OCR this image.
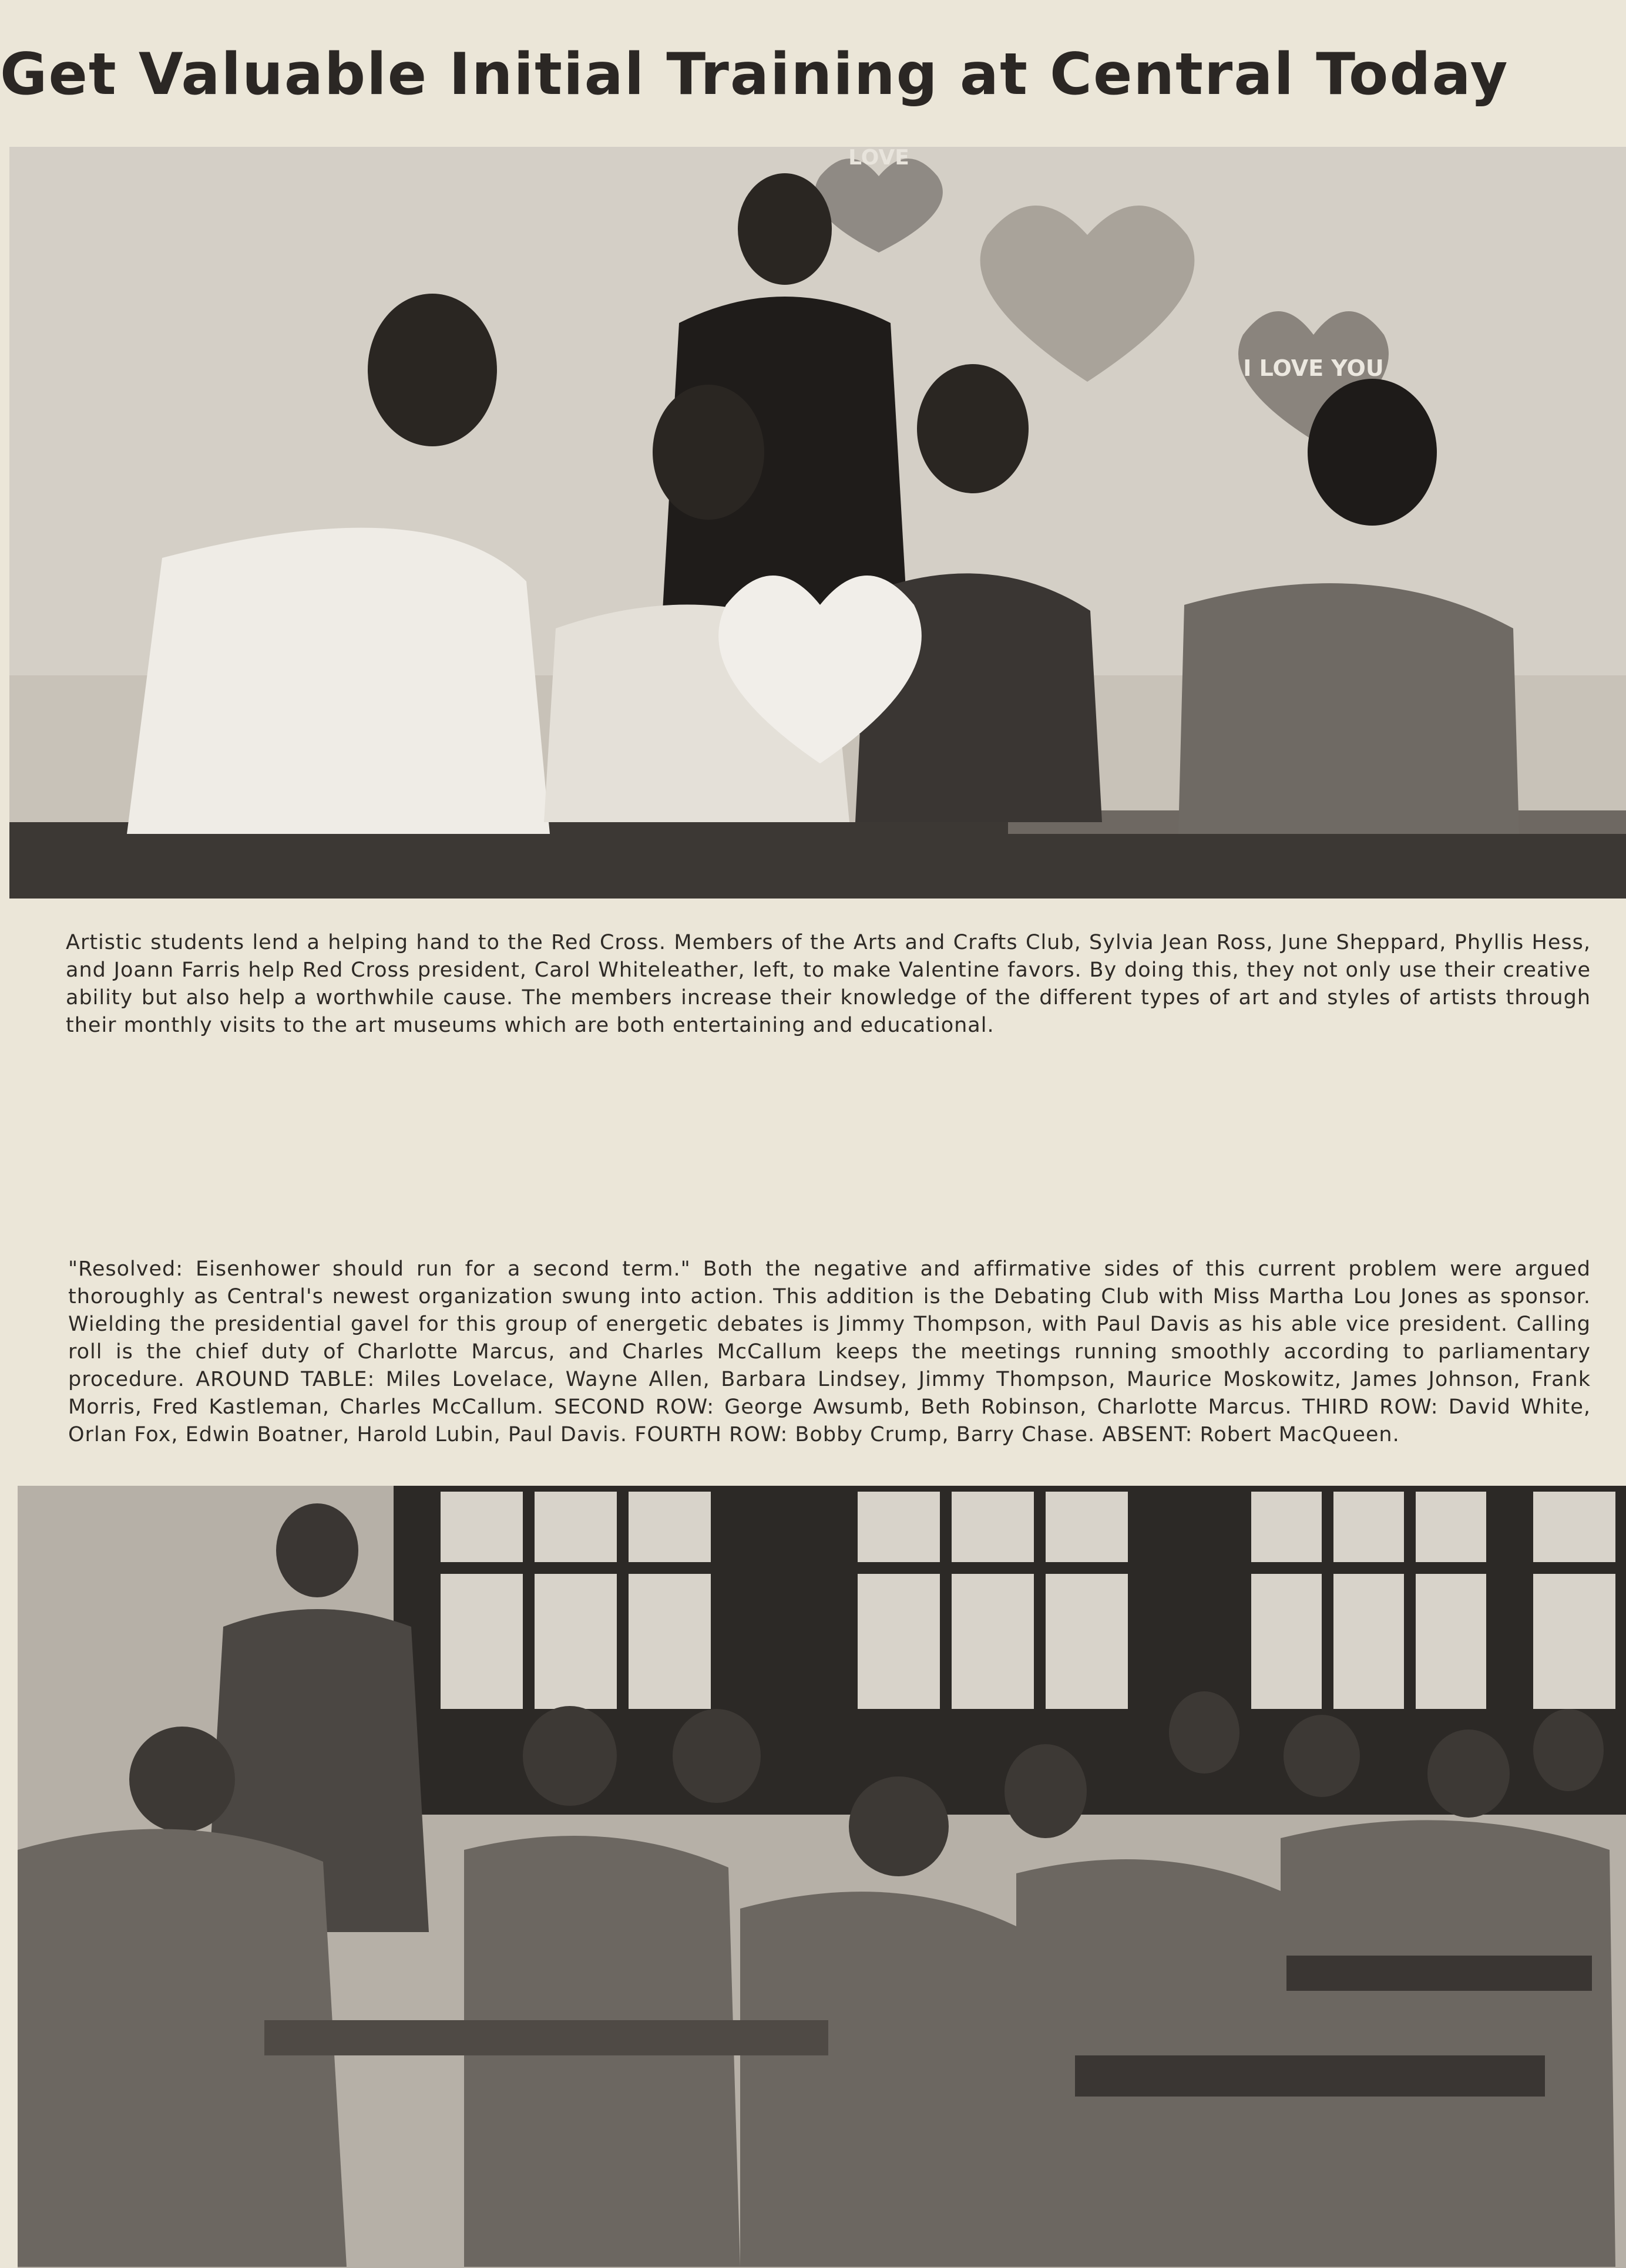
Get Valuable Initial Training at Central Today
LOVE
I LOVE YOU
Artistic students lend a helping hand to the Red Cross. Members of the Arts and Crafts Club, Sylvia Jean Ross, June Sheppard, Phyllis Hess, and Joann Farris help Red Cross president, Carol Whiteleather, left, to make Valentine favors. By doing this, they not only use their creative ability but also help a worthwhile cause. The members increase their knowledge of the different types of art and styles of artists through their monthly visits to the art museums which are both entertaining and educational.
"Resolved: Eisenhower should run for a second term." Both the negative and affirmative sides of this current problem were argued thoroughly as Central's newest organization swung into action. This addition is the Debating Club with Miss Martha Lou Jones as sponsor. Wielding the presidential gavel for this group of energetic debates is Jimmy Thompson, with Paul Davis as his able vice president. Calling roll is the chief duty of Charlotte Marcus, and Charles McCallum keeps the meetings running smoothly according to parliamentary procedure. AROUND TABLE: Miles Lovelace, Wayne Allen, Barbara Lindsey, Jimmy Thompson, Maurice Moskowitz, James Johnson, Frank Morris, Fred Kastleman, Charles McCallum. SECOND ROW: George Awsumb, Beth Robinson, Charlotte Marcus. THIRD ROW: David White, Orlan Fox, Edwin Boatner, Harold Lubin, Paul Davis. FOURTH ROW: Bobby Crump, Barry Chase. ABSENT: Robert MacQueen.
